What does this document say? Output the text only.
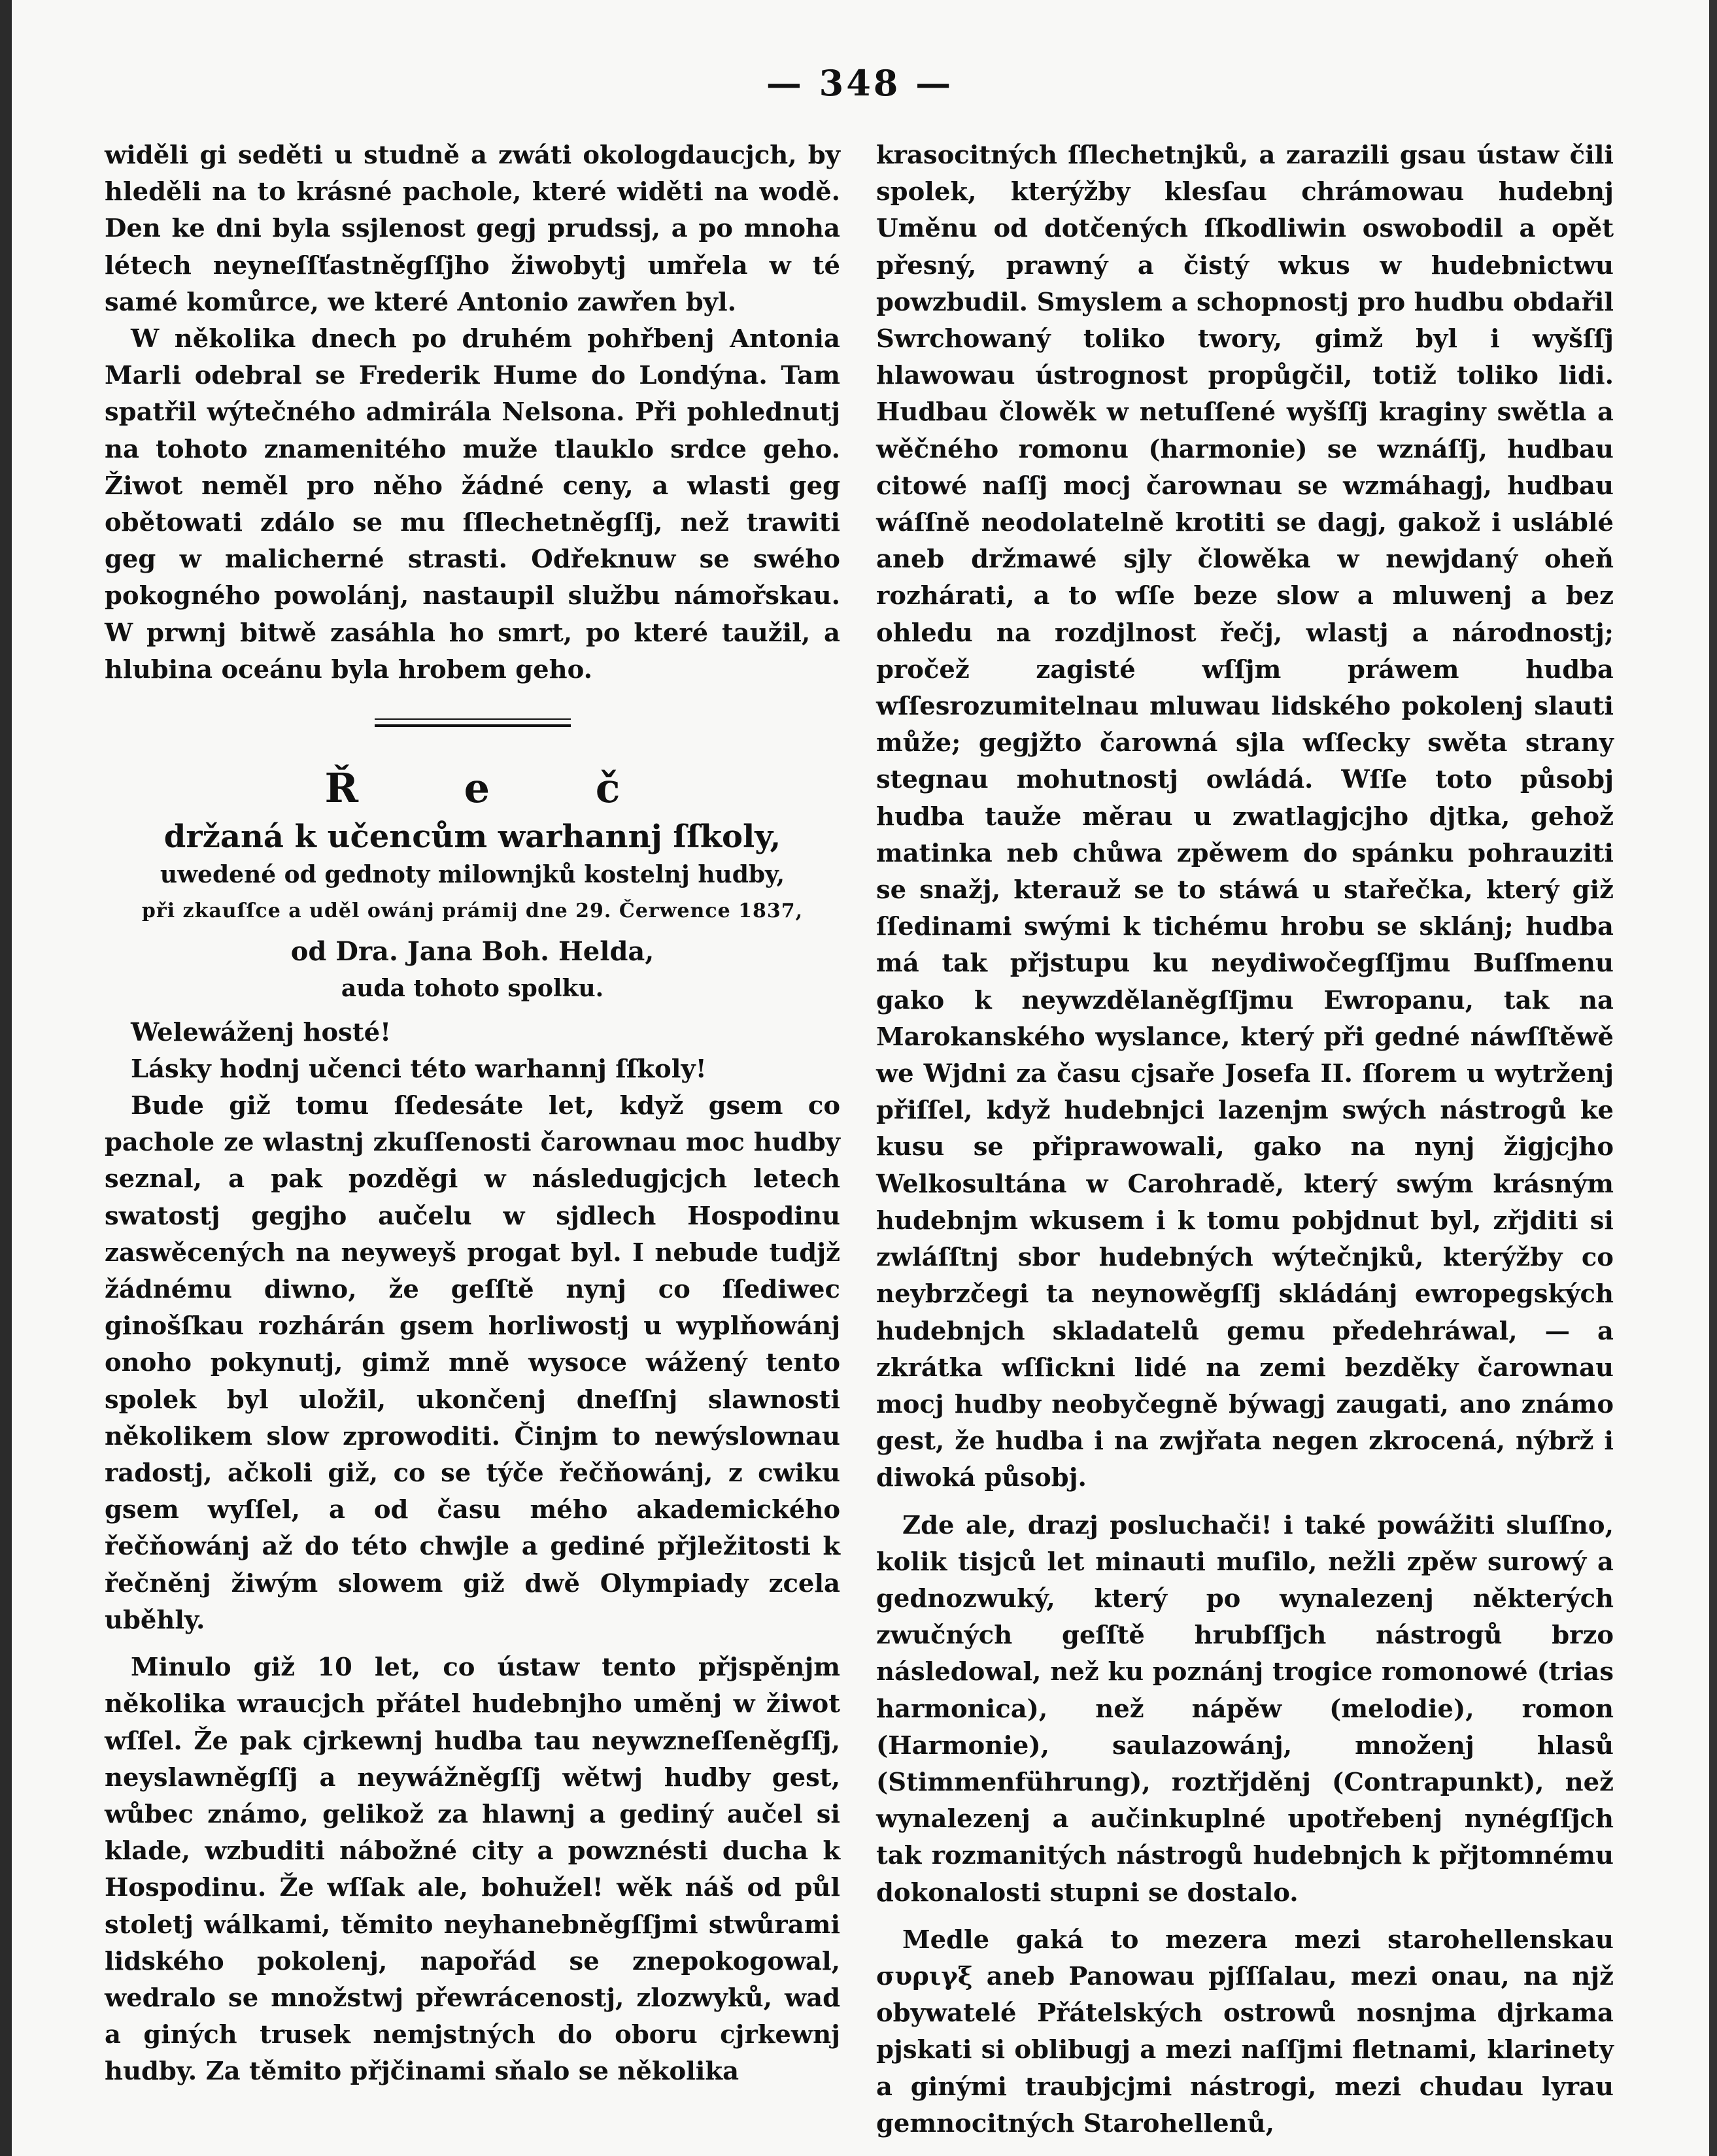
— 348 —

widěli gi seděti u studně a zwáti okologdaucjch, by hleděli na to krásné pachole, které widěti na wodě. Den ke dni byla ssjlenost gegj prudssj, a po mnoha létech neyneſſťastněgſſjho žiwobytj umřela w té samé komůrce, we které Antonio zawřen byl.

W několika dnech po druhém pohřbenj Antonia Marli odebral se Frederik Hume do Londýna. Tam spatřil wýtečného admirála Nelsona. Při pohlednutj na tohoto znamenitého muže tlauklo srdce geho. Žiwot neměl pro něho žádné ceny, a wlasti geg obětowati zdálo se mu ſſlechetněgſſj, než trawiti geg w malicherné strasti. Odřeknuw se swého pokogného powolánj, nastaupil službu námořskau. W prwnj bitwě zasáhla ho smrt, po které taužil, a hlubina oceánu byla hrobem geho.

Ř e č
držaná k učencům warhannj ſſkoly,
uwedené od gednoty milownjků kostelnj hudby,
při zkauſſce a uděl owánj prámij dne 29. Čerwence 1837,
od Dra. Jana Boh. Helda,
auda tohoto spolku.
Welewáženj hosté!
Lásky hodnj učenci této warhannj ſſkoly!

Bude giž tomu ſſedesáte let, když gsem co pachole ze wlastnj zkuſſenosti čarownau moc hudby seznal, a pak pozděgi w následugjcjch letech swatostj gegjho aučelu w sjdlech Hospodinu zaswěcených na neyweyš progat byl. I nebude tudjž žádnému diwno, že geſſtě nynj co ſſediwec ginošſkau rozhárán gsem horliwostj u wyplňowánj onoho pokynutj, gimž mně wysoce wážený tento spolek byl uložil, ukončenj dneſſnj slawnosti několikem slow zprowoditi. Činjm to newýslownau radostj, ačkoli giž, co se týče řečňowánj, z cwiku gsem wyſſel, a od času mého akademického řečňowánj až do této chwjle a gediné přjležitosti k řečněnj žiwým slowem giž dwě Olympiady zcela uběhly.

Minulo giž 10 let, co ústaw tento přjspěnjm několika wraucjch přátel hudebnjho uměnj w žiwot wſſel. Že pak cjrkewnj hudba tau neywzneſſeněgſſj, neyslawněgſſj a neywážněgſſj wětwj hudby gest, wůbec známo, gelikož za hlawnj a gediný aučel si klade, wzbuditi nábožné city a powznésti ducha k Hospodinu. Že wſſak ale, bohužel! wěk náš od půl stoletj wálkami, těmito neyhanebněgſſjmi stwůrami lidského pokolenj, napořád se znepokogowal, wedralo se množstwj přewrácenostj, zlozwyků, wad a giných trusek nemjstných do oboru cjrkewnj hudby. Za těmito přjčinami sňalo se několika

krasocitných ſſlechetnjků, a zarazili gsau ústaw čili spolek, kterýžby klesſau chrámowau hudebnj Uměnu od dotčených ſſkodliwin oswobodil a opět přesný, prawný a čistý wkus w hudebnictwu powzbudil. Smyslem a schopnostj pro hudbu obdařil Swrchowaný toliko twory, gimž byl i wyšſſj hlawowau ústrognost propůgčil, totiž toliko lidi. Hudbau člowěk w netuſſené wyšſſj kraginy swětla a wěčného romonu (harmonie) se wznáſſj, hudbau citowé naſſj mocj čarownau se wzmáhagj, hudbau wáſſně neodolatelně krotiti se dagj, gakož i usláblé aneb držmawé sjly člowěka w newjdaný oheň rozhárati, a to wſſe beze slow a mluwenj a bez ohledu na rozdjlnost řečj, wlastj a národnostj; pročež zagisté wſſjm práwem hudba wſſesrozumitelnau mluwau lidského pokolenj slauti může; gegjžto čarowná sjla wſſecky swěta strany stegnau mohutnostj owládá. Wſſe toto působj hudba tauže měrau u zwatlagjcjho djtka, gehož matinka neb chůwa zpěwem do spánku pohrauziti se snažj, kterauž se to stáwá u stařečka, který giž ſſedinami swými k tichému hrobu se sklánj; hudba má tak přjstupu ku neydiwočegſſjmu Buſſmenu gako k neywzdělaněgſſjmu Ewropanu, tak na Marokanského wyslance, který při gedné náwſſtěwě we Wjdni za času cjsaře Josefa II. ſſorem u wytrženj přiſſel, když hudebnjci lazenjm swých nástrogů ke kusu se připrawowali, gako na nynj žigjcjho Welkosultána w Carohradě, který swým krásným hudebnjm wkusem i k tomu pobjdnut byl, zřjditi si zwláſſtnj sbor hudebných wýtečnjků, kterýžby co neybrzčegi ta neynowěgſſj skládánj ewropegských hudebnjch skladatelů gemu předehráwal, — a zkrátka wſſickni lidé na zemi bezděky čarownau mocj hudby neobyčegně býwagj zaugati, ano známo gest, že hudba i na zwjřata negen zkrocená, nýbrž i diwoká působj.

Zde ale, drazj posluchači! i také powážiti sluſſno, kolik tisjců let minauti muſilo, nežli zpěw surowý a gednozwuký, který po wynalezenj některých zwučných geſſtě hrubſſjch nástrogů brzo následowal, než ku poznánj trogice romonowé (trias harmonica), než nápěw (melodie), romon (Harmonie), saulazowánj, množenj hlasů (Stimmenführung), roztřjděnj (Contrapunkt), než wynalezenj a aučinkuplné upotřebenj nynégſſjch tak rozmanitých nástrogů hudebnjch k přjtomnému dokonalosti stupni se dostalo.

Medle gaká to mezera mezi starohellenskau συριγξ aneb Panowau pjſſſalau, mezi onau, na njž obywatelé Přátelských ostrowů nosnjma djrkama pjskati si oblibugj a mezi naſſjmi fletnami, klarinety a ginými traubjcjmi nástrogi, mezi chudau lyrau gemnocitných Starohellenů,
